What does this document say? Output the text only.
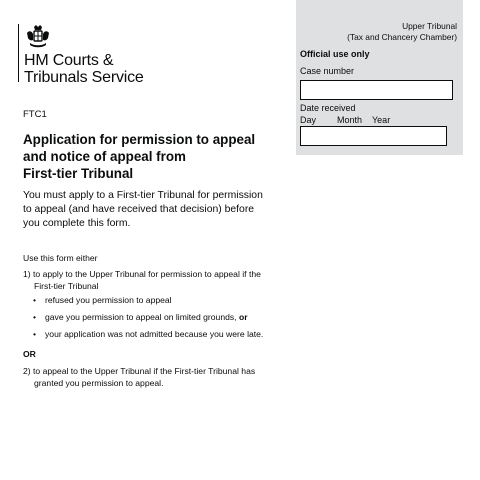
HM Courts &
Tribunals Service
Upper Tribunal
(Tax and Chancery Chamber)
Official use only
Case number
Date received
Day Month Year
FTC1
Application for permission to appeal
and notice of appeal from
First-tier Tribunal
You must apply to a First-tier Tribunal for permission
to appeal (and have received that decision) before
you complete this form.
Use this form either
1) to apply to the Upper Tribunal for permission to appeal if the
First-tier Tribunal
• refused you permission to appeal
• gave you permission to appeal on limited grounds, or
• your application was not admitted because you were late.
OR
2) to appeal to the Upper Tribunal if the First-tier Tribunal has
granted you permission to appeal.
